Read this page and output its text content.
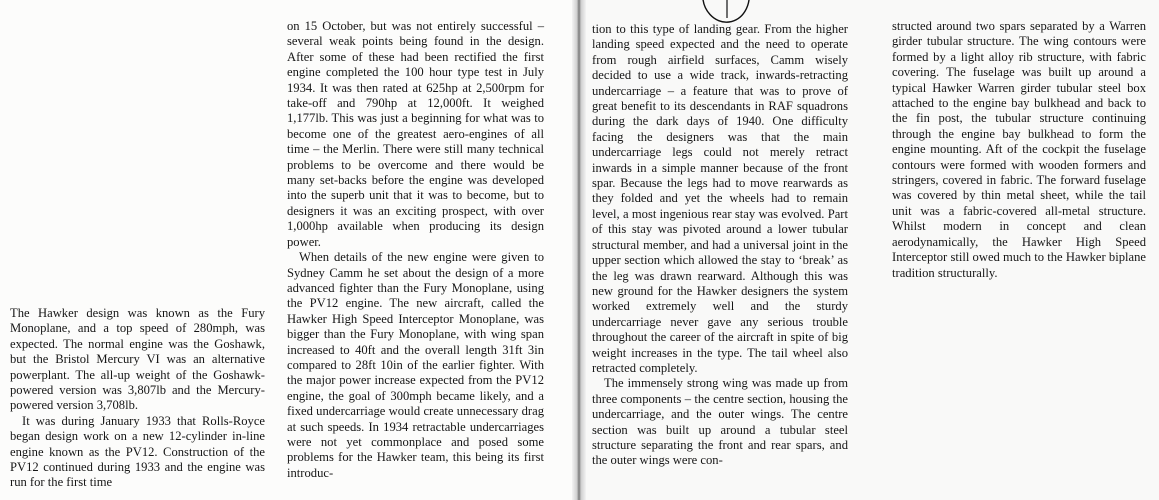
The Hawker design was known as the Fury Monoplane, and a top speed of 280mph, was expected. The normal engine was the Goshawk, but the Bristol Mercury VI was an alternative powerplant. The all-up weight of the Goshawk-powered version was 3,807lb and the Mercury-powered version 3,708lb.

It was during January 1933 that Rolls-Royce began design work on a new 12-cylinder in-line engine known as the PV12. Construction of the PV12 continued during 1933 and the engine was run for the first time

on 15 October, but was not entirely successful – several weak points being found in the design. After some of these had been rectified the first engine completed the 100 hour type test in July 1934. It was then rated at 625hp at 2,500rpm for take-off and 790hp at 12,000ft. It weighed 1,177lb. This was just a beginning for what was to become one of the greatest aero-engines of all time – the Merlin. There were still many technical problems to be overcome and there would be many set-backs before the engine was developed into the superb unit that it was to become, but to designers it was an exciting prospect, with over 1,000hp available when producing its design power.

When details of the new engine were given to Sydney Camm he set about the design of a more advanced fighter than the Fury Monoplane, using the PV12 engine. The new aircraft, called the Hawker High Speed Interceptor Monoplane, was bigger than the Fury Monoplane, with wing span increased to 40ft and the overall length 31ft 3in compared to 28ft 10in of the earlier fighter. With the major power increase expected from the PV12 engine, the goal of 300mph became likely, and a fixed undercarriage would create unnecessary drag at such speeds. In 1934 retractable undercarriages were not yet commonplace and posed some problems for the Hawker team, this being its first introduc-

tion to this type of landing gear. From the higher landing speed expected and the need to operate from rough airfield surfaces, Camm wisely decided to use a wide track, inwards-retracting undercarriage – a feature that was to prove of great benefit to its descendants in RAF squadrons during the dark days of 1940. One difficulty facing the designers was that the main undercarriage legs could not merely retract inwards in a simple manner because of the front spar. Because the legs had to move rearwards as they folded and yet the wheels had to remain level, a most ingenious rear stay was evolved. Part of this stay was pivoted around a lower tubular structural member, and had a universal joint in the upper section which allowed the stay to ‘break’ as the leg was drawn rearward. Although this was new ground for the Hawker designers the system worked extremely well and the sturdy undercarriage never gave any serious trouble throughout the career of the aircraft in spite of big weight increases in the type. The tail wheel also retracted completely.

The immensely strong wing was made up from three components – the centre section, housing the undercarriage, and the outer wings. The centre section was built up around a tubular steel structure separating the front and rear spars, and the outer wings were con-

structed around two spars separated by a Warren girder tubular structure. The wing contours were formed by a light alloy rib structure, with fabric covering. The fuselage was built up around a typical Hawker Warren girder tubular steel box attached to the engine bay bulkhead and back to the fin post, the tubular structure continuing through the engine bay bulkhead to form the engine mounting. Aft of the cockpit the fuselage contours were formed with wooden formers and stringers, covered in fabric. The forward fuselage was covered by thin metal sheet, while the tail unit was a fabric-covered all-metal structure. Whilst modern in concept and clean aerodynamically, the Hawker High Speed Interceptor still owed much to the Hawker biplane tradition structurally.
